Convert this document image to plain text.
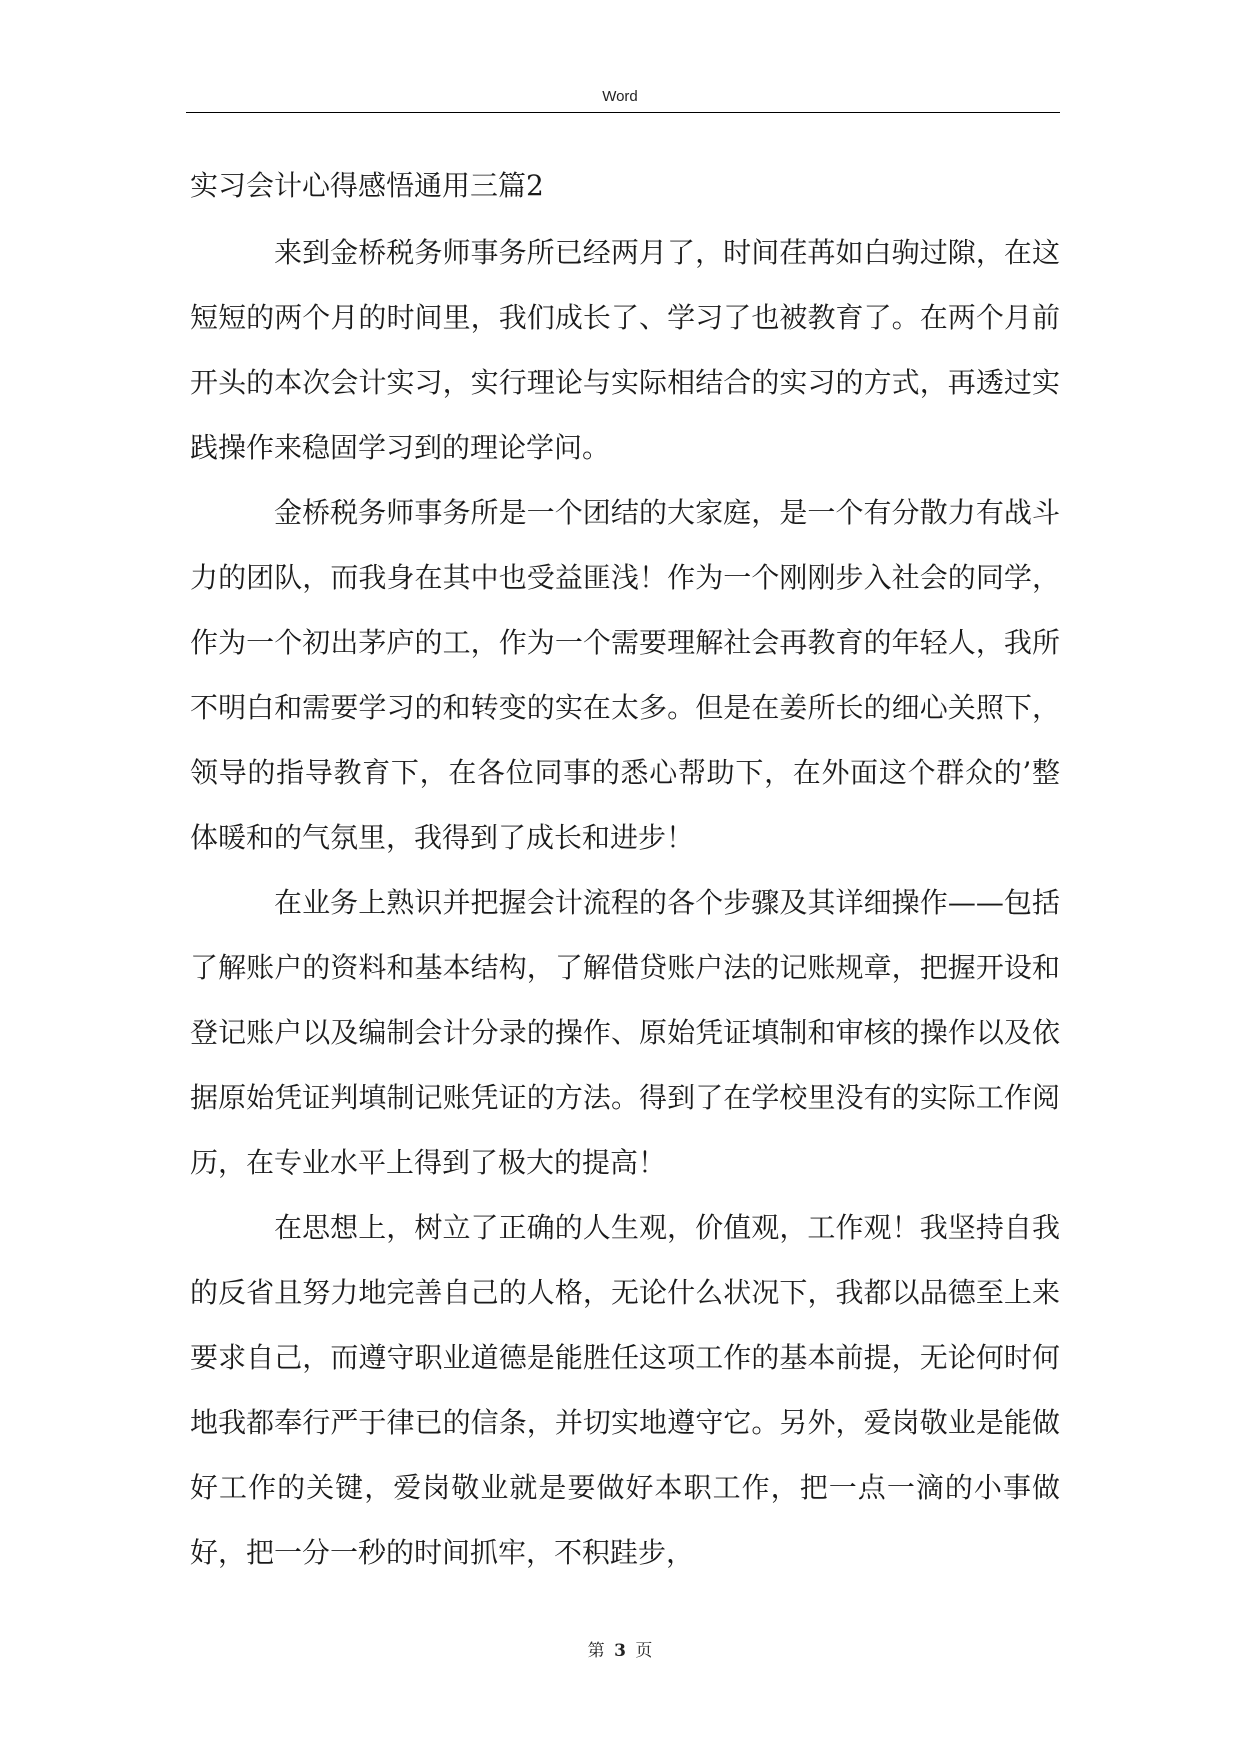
Word
实习会计心得感悟通用三篇2

来到金桥税务师事务所已经两月了，时间荏苒如白驹过隙，在这短短的两个月的时间里，我们成长了、学习了也被教育了。在两个月前开头的本次会计实习，实行理论与实际相结合的实习的方式，再透过实践操作来稳固学习到的理论学问。

金桥税务师事务所是一个团结的大家庭，是一个有分散力有战斗力的团队，而我身在其中也受益匪浅！作为一个刚刚步入社会的同学，作为一个初出茅庐的工，作为一个需要理解社会再教育的年轻人，我所不明白和需要学习的和转变的实在太多。但是在姜所长的细心关照下，领导的指导教育下，在各位同事的悉心帮助下，在外面这个群众的’整体暖和的气氛里，我得到了成长和进步！

在业务上熟识并把握会计流程的各个步骤及其详细操作——包括了解账户的资料和基本结构，了解借贷账户法的记账规章，把握开设和登记账户以及编制会计分录的操作、原始凭证填制和审核的操作以及依据原始凭证判填制记账凭证的方法。得到了在学校里没有的实际工作阅历，在专业水平上得到了极大的提高！

在思想上，树立了正确的人生观，价值观，工作观！我坚持自我的反省且努力地完善自己的人格，无论什么状况下，我都以品德至上来要求自己，而遵守职业道德是能胜任这项工作的基本前提，无论何时何地我都奉行严于律已的信条，并切实地遵守它。另外，爱岗敬业是能做好工作的关键，爱岗敬业就是要做好本职工作，把一点一滴的小事做好，把一分一秒的时间抓牢，不积跬步，

第 3 页
